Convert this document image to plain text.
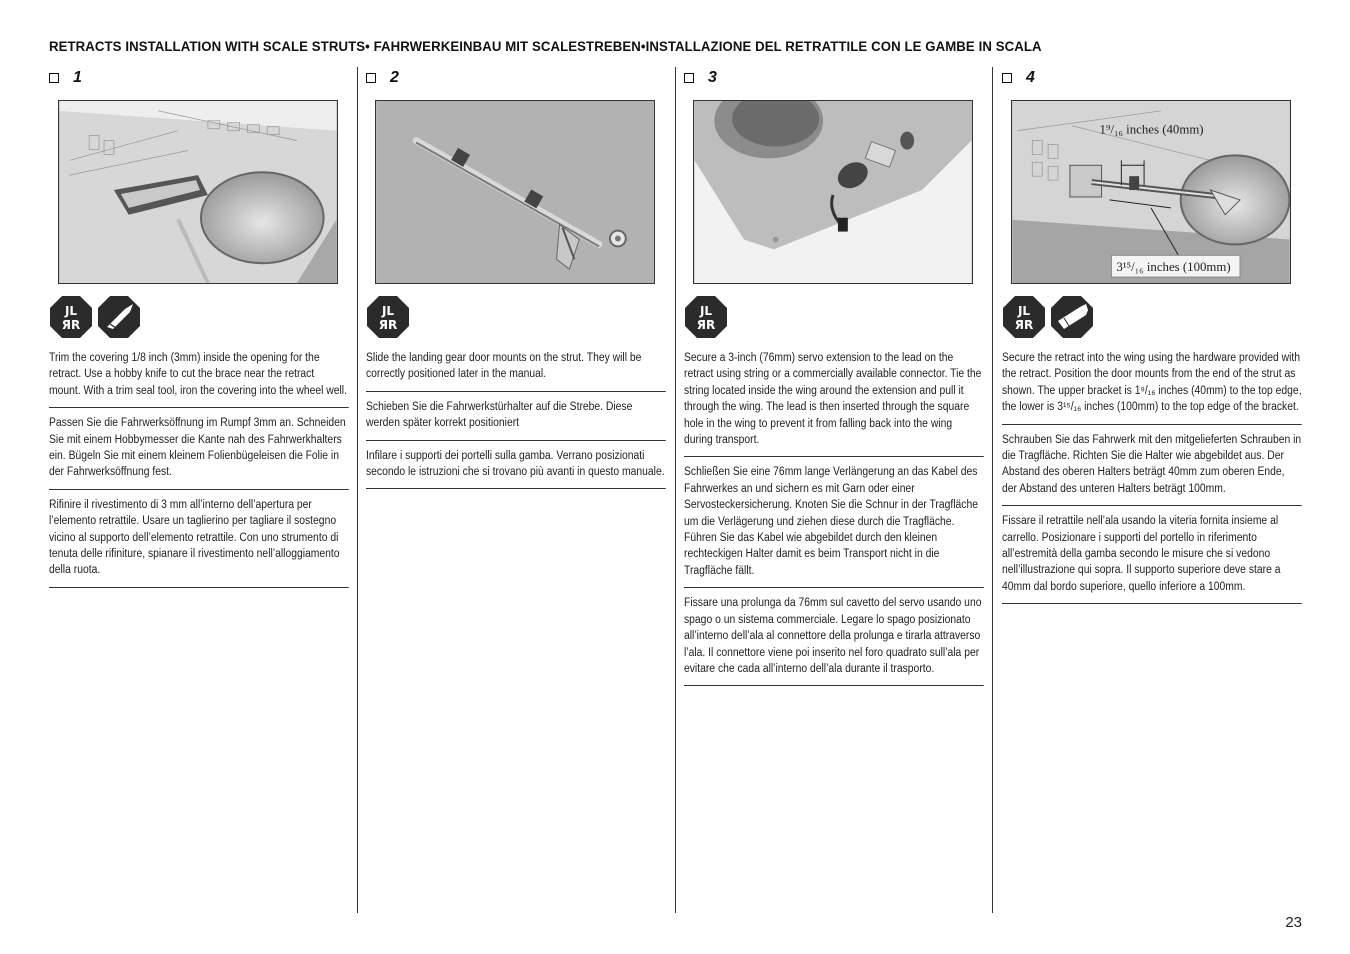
RETRACTS INSTALLATION WITH SCALE STRUTS• FAHRWERKEINBAU MIT SCALESTREBEN•INSTALLAZIONE DEL RETRATTILE CON LE GAMBE IN SCALA
1
JL
ЯR
Trim the covering 1/8 inch (3mm) inside the opening for the retract. Use a hobby knife to cut the brace near the retract mount. With a trim seal tool, iron the covering into the wheel well.
Passen Sie die Fahrwerksöffnung im Rumpf 3mm an. Schneiden Sie mit einem Hobbymesser die Kante nah des Fahrwerkhalters ein. Bügeln Sie mit einem kleinem Folienbügeleisen die Folie in der Fahrwerksöffnung fest.
Rifinire il rivestimento di 3 mm all’interno dell’apertura per l’elemento retrattile. Usare un taglierino per tagliare il sostegno vicino al supporto dell’elemento retrattile. Con uno strumento di tenuta delle rifiniture, spianare il rivestimento nell’alloggiamento della ruota.
2
JL
ЯR
Slide the landing gear door mounts on the strut. They will be correctly positioned later in the manual.
Schieben Sie die Fahrwerkstürhalter auf die Strebe. Diese werden später korrekt positioniert
Infilare i supporti dei portelli sulla gamba. Verrano posizionati secondo le istruzioni che si trovano più avanti in questo manuale.
3
JL
ЯR
Secure a 3-inch (76mm) servo extension to the lead on the retract using string or a commercially available connector. Tie the string located inside the wing around the extension and pull it through the wing. The lead is then inserted through the square hole in the wing to prevent it from falling back into the wing during transport.
Schließen Sie eine 76mm lange Verlängerung an das Kabel des Fahrwerkes an und sichern es mit Garn oder einer Servosteckersicherung. Knoten Sie die Schnur in der Tragfläche um die Verlägerung und ziehen diese durch die Tragfläche. Führen Sie das Kabel wie abgebildet durch den kleinen rechteckigen Halter damit es beim Transport nicht in die Tragfläche fällt.
Fissare una prolunga da 76mm sul cavetto del servo usando uno spago o un sistema commerciale. Legare lo spago posizionato all’interno dell’ala al connettore della prolunga e tirarla attraverso l’ala. Il connettore viene poi inserito nel foro quadrato sull’ala per evitare che cada all’interno dell’ala durante il trasporto.
4
1⁹/₁₆ inches (40mm)
3¹⁵/₁₆ inches (100mm)
JL
ЯR
Secure the retract into the wing using the hardware provided with the retract. Position the door mounts from the end of the strut as shown. The upper bracket is 1⁹/₁₆ inches (40mm) to the top edge, the lower is 3¹⁵/₁₆ inches (100mm) to the top edge of the bracket.
Schrauben Sie das Fahrwerk mit den mitgelieferten Schrauben in die Tragfläche. Richten Sie die Halter wie abgebildet aus. Der Abstand des oberen Halters beträgt 40mm zum oberen Ende, der Abstand des unteren Halters beträgt 100mm.
Fissare il retrattile nell’ala usando la viteria fornita insieme al carrello. Posizionare i supporti del portello in riferimento all’estremità della gamba secondo le misure che si vedono nell’illustrazione qui sopra. Il supporto superiore deve stare a 40mm dal bordo superiore, quello inferiore a 100mm.
23
